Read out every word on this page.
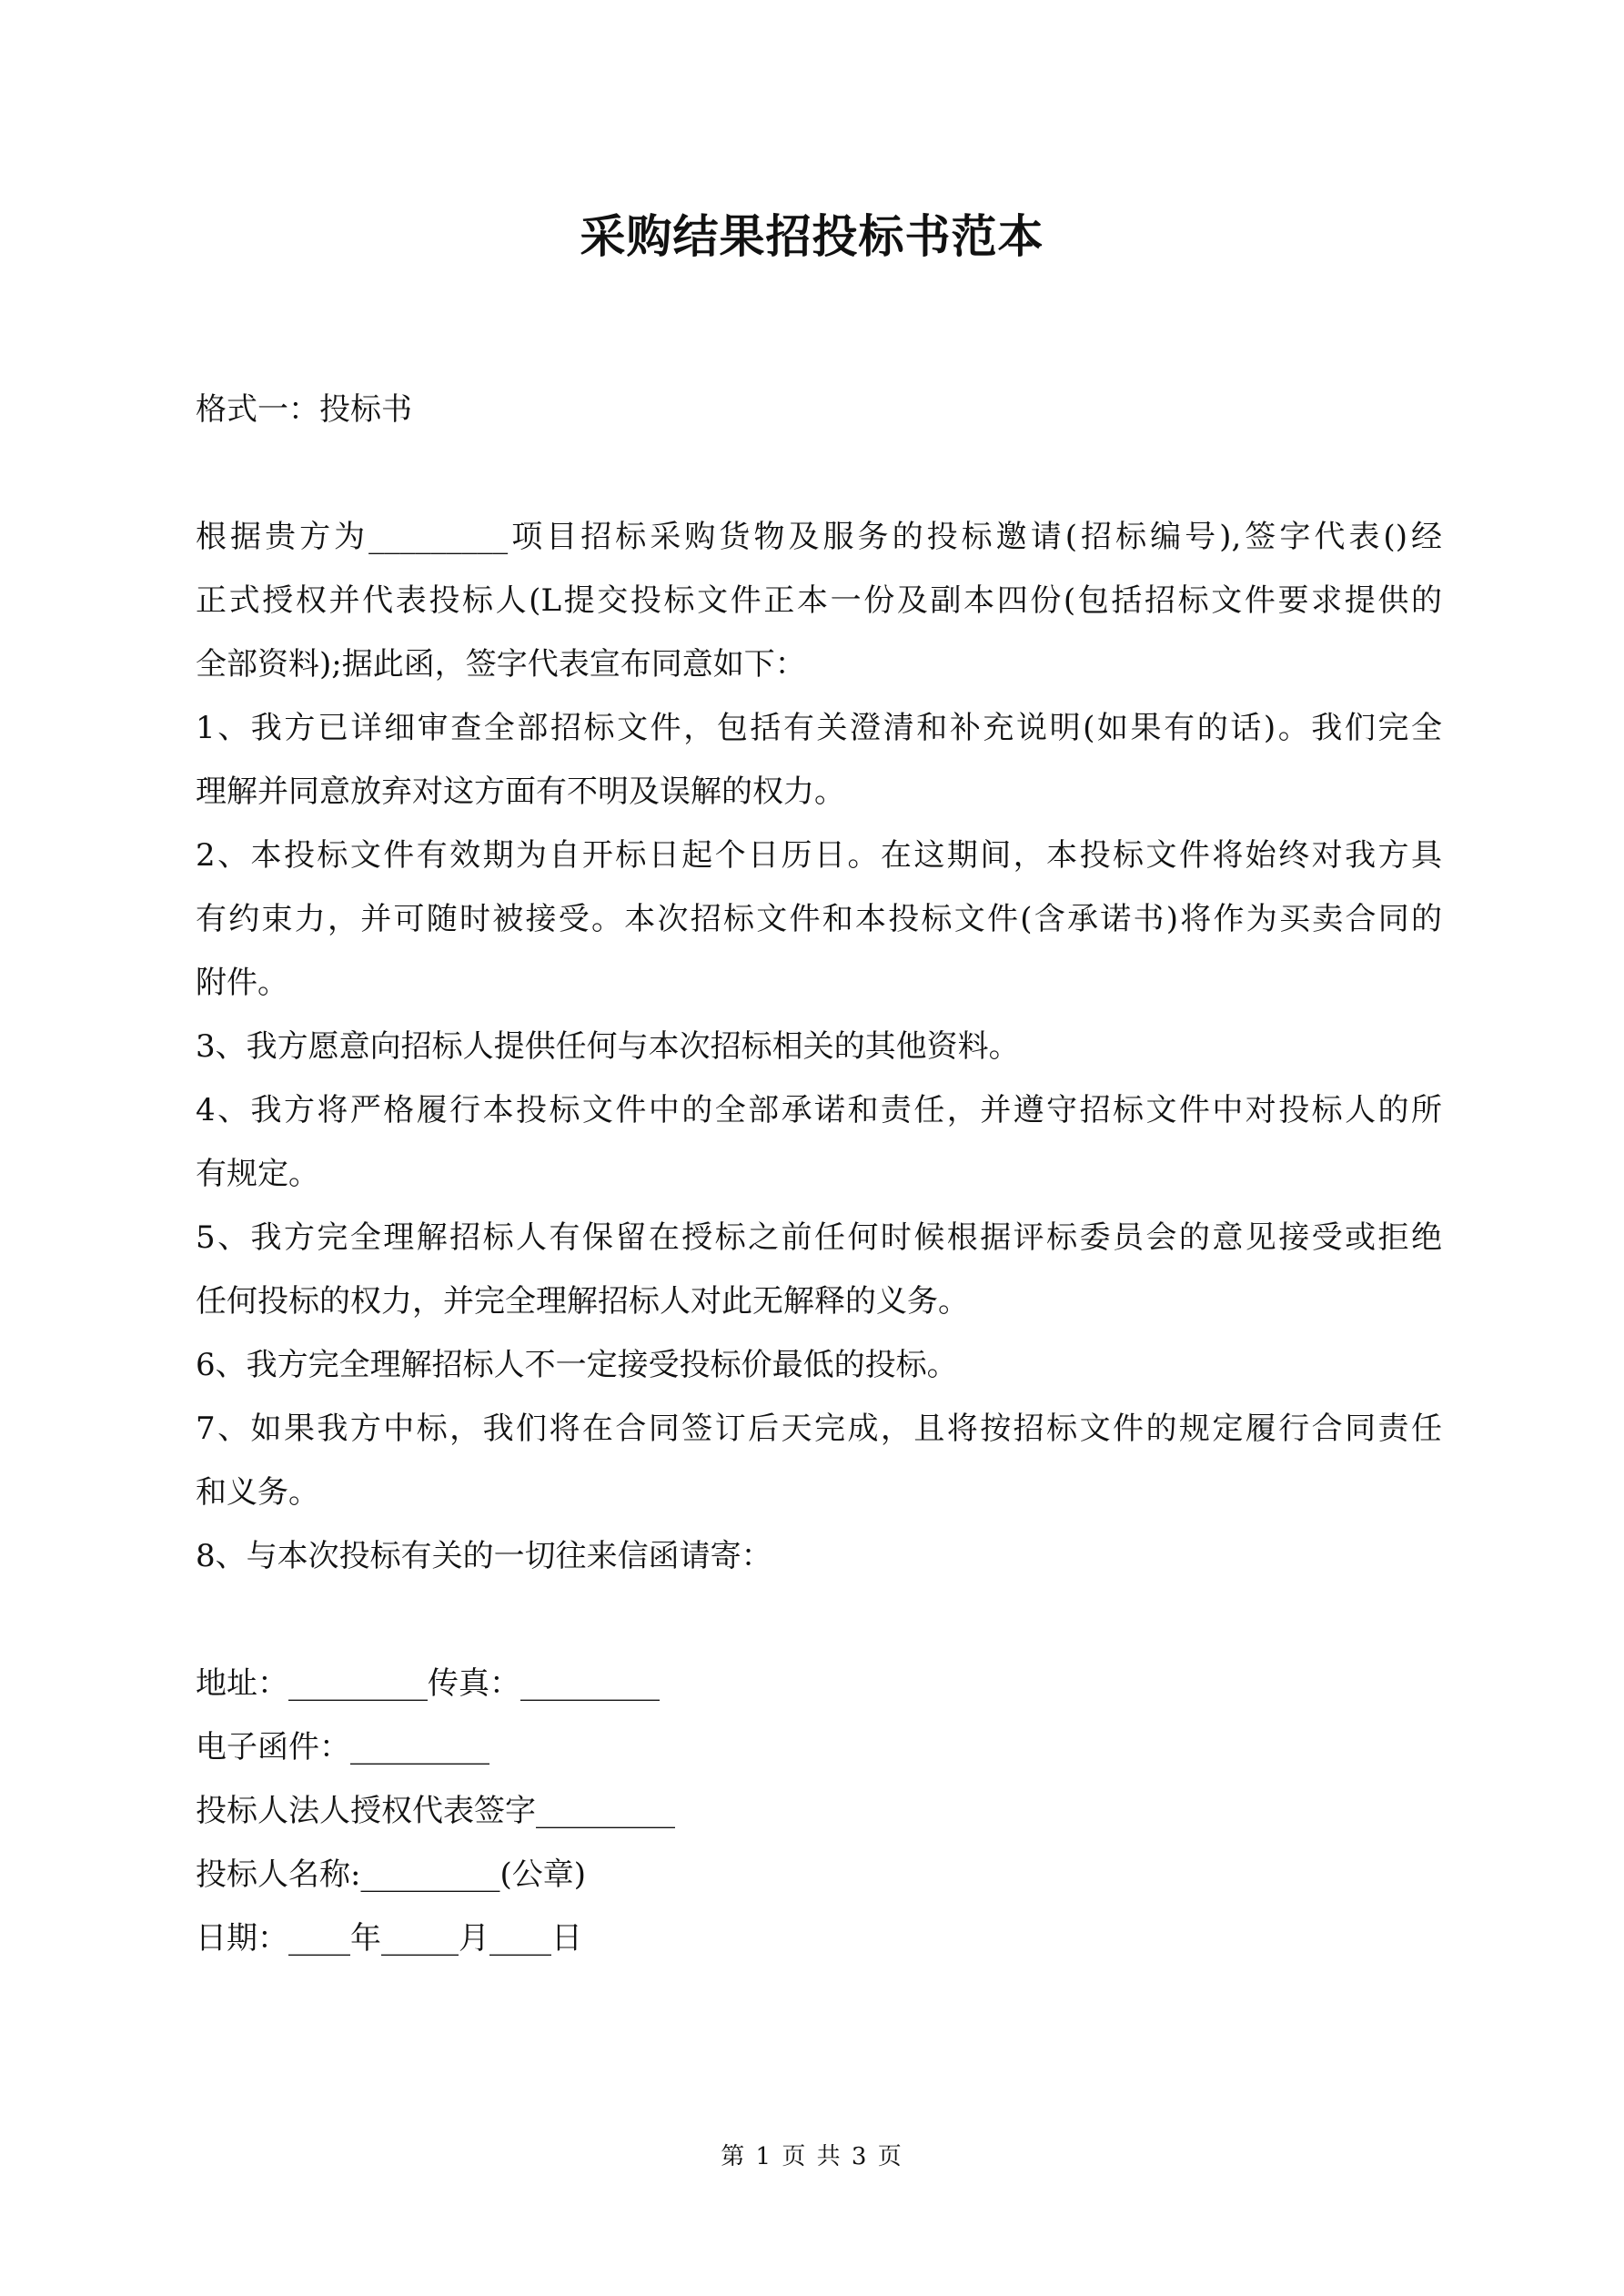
采购结果招投标书范本
格式一：投标书
根据贵方为_________项目招标采购货物及服务的投标邀请(招标编号),签字代表()经
正式授权并代表投标人(L提交投标文件正本一份及副本四份(包括招标文件要求提供的
全部资料);据此函，签字代表宣布同意如下：
1、我方已详细审查全部招标文件，包括有关澄清和补充说明(如果有的话)。我们完全
理解并同意放弃对这方面有不明及误解的权力。
2、本投标文件有效期为自开标日起个日历日。在这期间，本投标文件将始终对我方具
有约束力，并可随时被接受。本次招标文件和本投标文件(含承诺书)将作为买卖合同的
附件。
3、我方愿意向招标人提供任何与本次招标相关的其他资料。
4、我方将严格履行本投标文件中的全部承诺和责任，并遵守招标文件中对投标人的所
有规定。
5、我方完全理解招标人有保留在授标之前任何时候根据评标委员会的意见接受或拒绝
任何投标的权力，并完全理解招标人对此无解释的义务。
6、我方完全理解招标人不一定接受投标价最低的投标。
7、如果我方中标，我们将在合同签订后天完成，且将按招标文件的规定履行合同责任
和义务。
8、与本次投标有关的一切往来信函请寄：
地址：_________传真：_________
电子函件：_________
投标人法人授权代表签字_________
投标人名称:_________(公章)
日期：____年_____月____日
第 1 页 共 3 页
